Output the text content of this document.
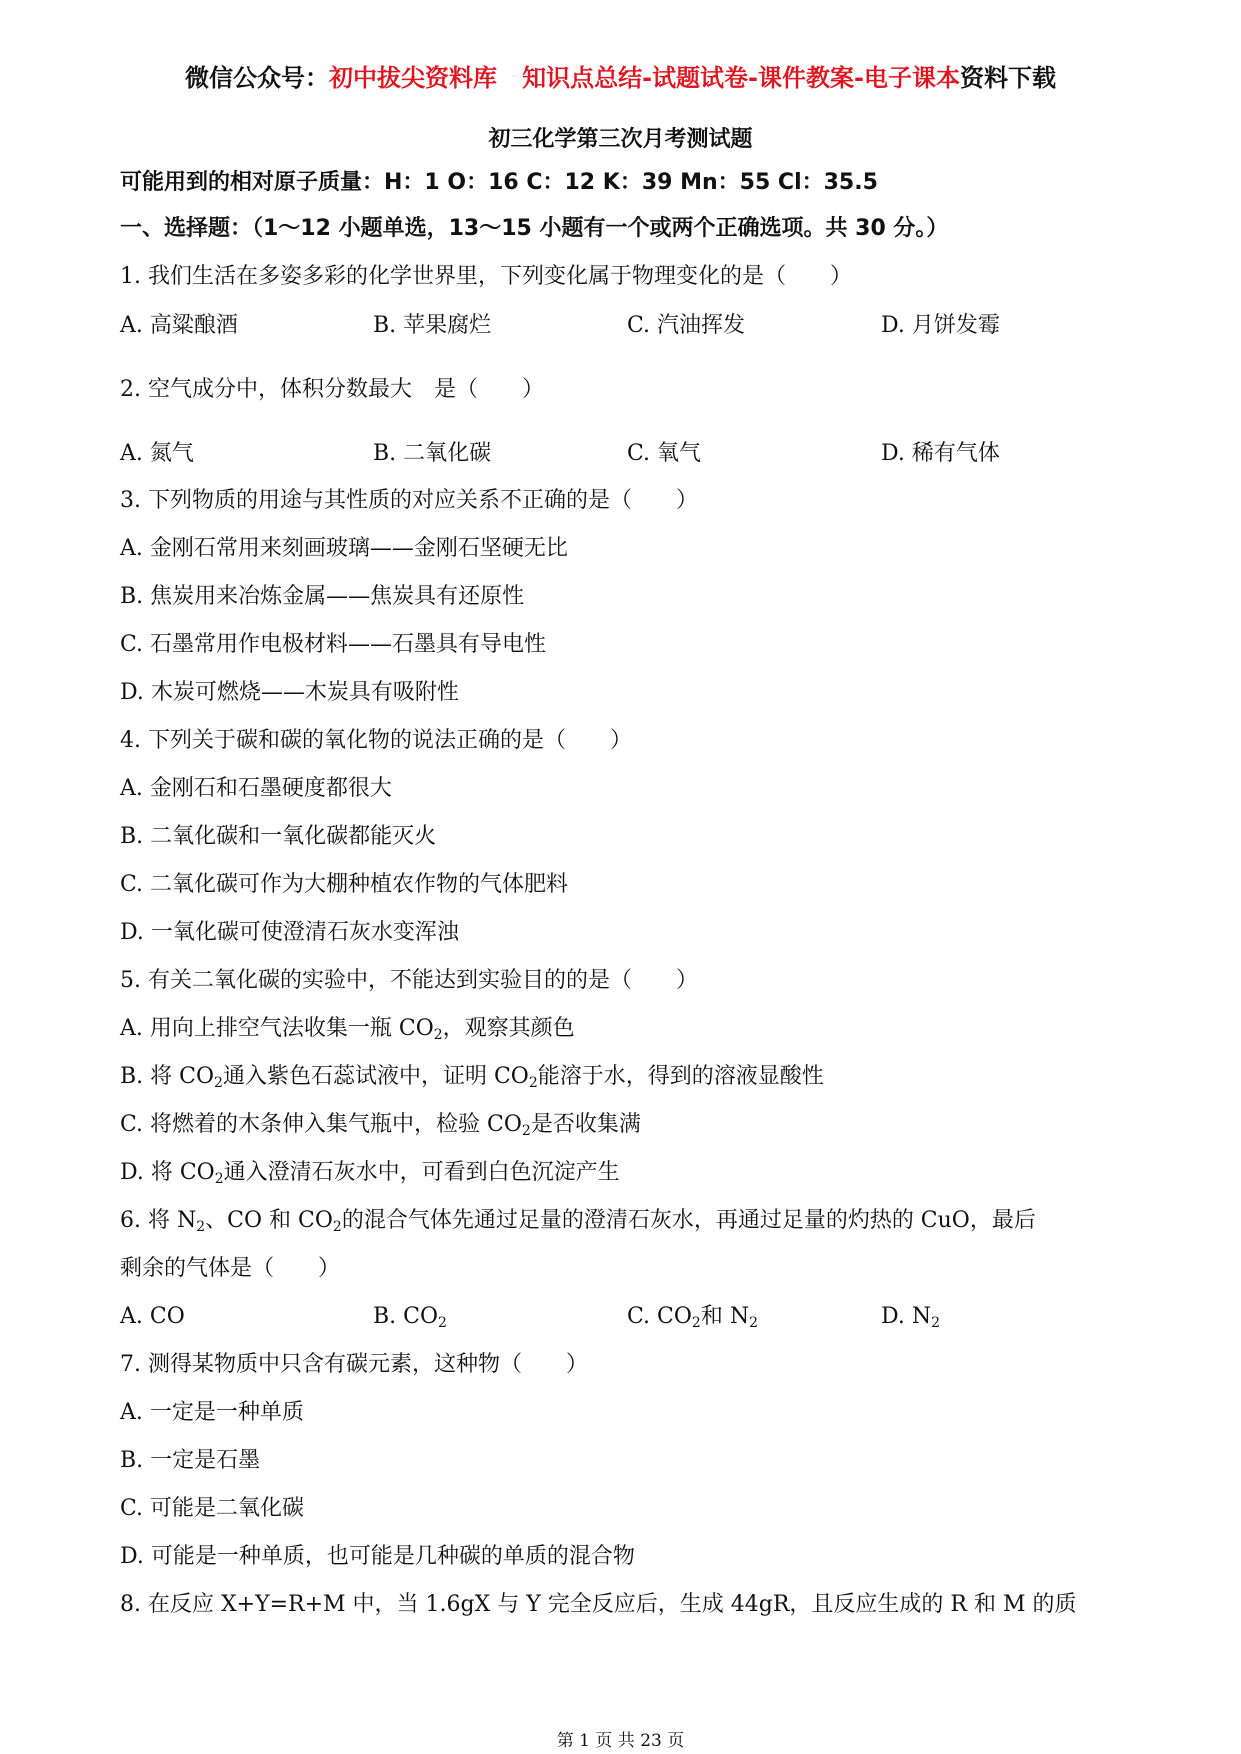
微信公众号：初中拔尖资料库 知识点总结-试题试卷-课件教案-电子课本资料下载
初三化学第三次月考测试题
可能用到的相对原子质量：H：1 O：16 C：12 K：39 Mn：55 Cl：35.5
一、选择题：（1～12 小题单选，13～15 小题有一个或两个正确选项。共 30 分。）
1. 我们生活在多姿多彩的化学世界里，下列变化属于物理变化的是（　　）
A. 高粱酿酒	B. 苹果腐烂	C. 汽油挥发	D. 月饼发霉
2. 空气成分中，体积分数最大　是（　　）
A. 氮气	B. 二氧化碳	C. 氧气	D. 稀有气体
3. 下列物质的用途与其性质的对应关系不正确的是（　　）
A. 金刚石常用来刻画玻璃——金刚石坚硬无比
B. 焦炭用来冶炼金属——焦炭具有还原性
C. 石墨常用作电极材料——石墨具有导电性
D. 木炭可燃烧——木炭具有吸附性
4. 下列关于碳和碳的氧化物的说法正确的是（　　）
A. 金刚石和石墨硬度都很大
B. 二氧化碳和一氧化碳都能灭火
C. 二氧化碳可作为大棚种植农作物的气体肥料
D. 一氧化碳可使澄清石灰水变浑浊
5. 有关二氧化碳的实验中，不能达到实验目的的是（　　）
A. 用向上排空气法收集一瓶 $CO_2$，观察其颜色
B. 将 $CO_2$通入紫色石蕊试液中，证明 $CO_2$能溶于水，得到的溶液显酸性
C. 将燃着的木条伸入集气瓶中，检验 $CO_2$是否收集满
D. 将 $CO_2$通入澄清石灰水中，可看到白色沉淀产生
6. 将 $N_2$、CO 和 $CO_2$的混合气体先通过足量的澄清石灰水，再通过足量的灼热的 CuO，最后
剩余的气体是（　　）
A. CO	B. $CO_2$	C. $CO_2$和 $N_2$	D. $N_2$
7. 测得某物质中只含有碳元素，这种物（　　）
A. 一定是一种单质
B. 一定是石墨
C. 可能是二氧化碳
D. 可能是一种单质，也可能是几种碳的单质的混合物
8. 在反应 X+Y=R+M 中，当 1.6gX 与 Y 完全反应后，生成 44gR，且反应生成的 R 和 M 的质
第 1 页 共 23 页
